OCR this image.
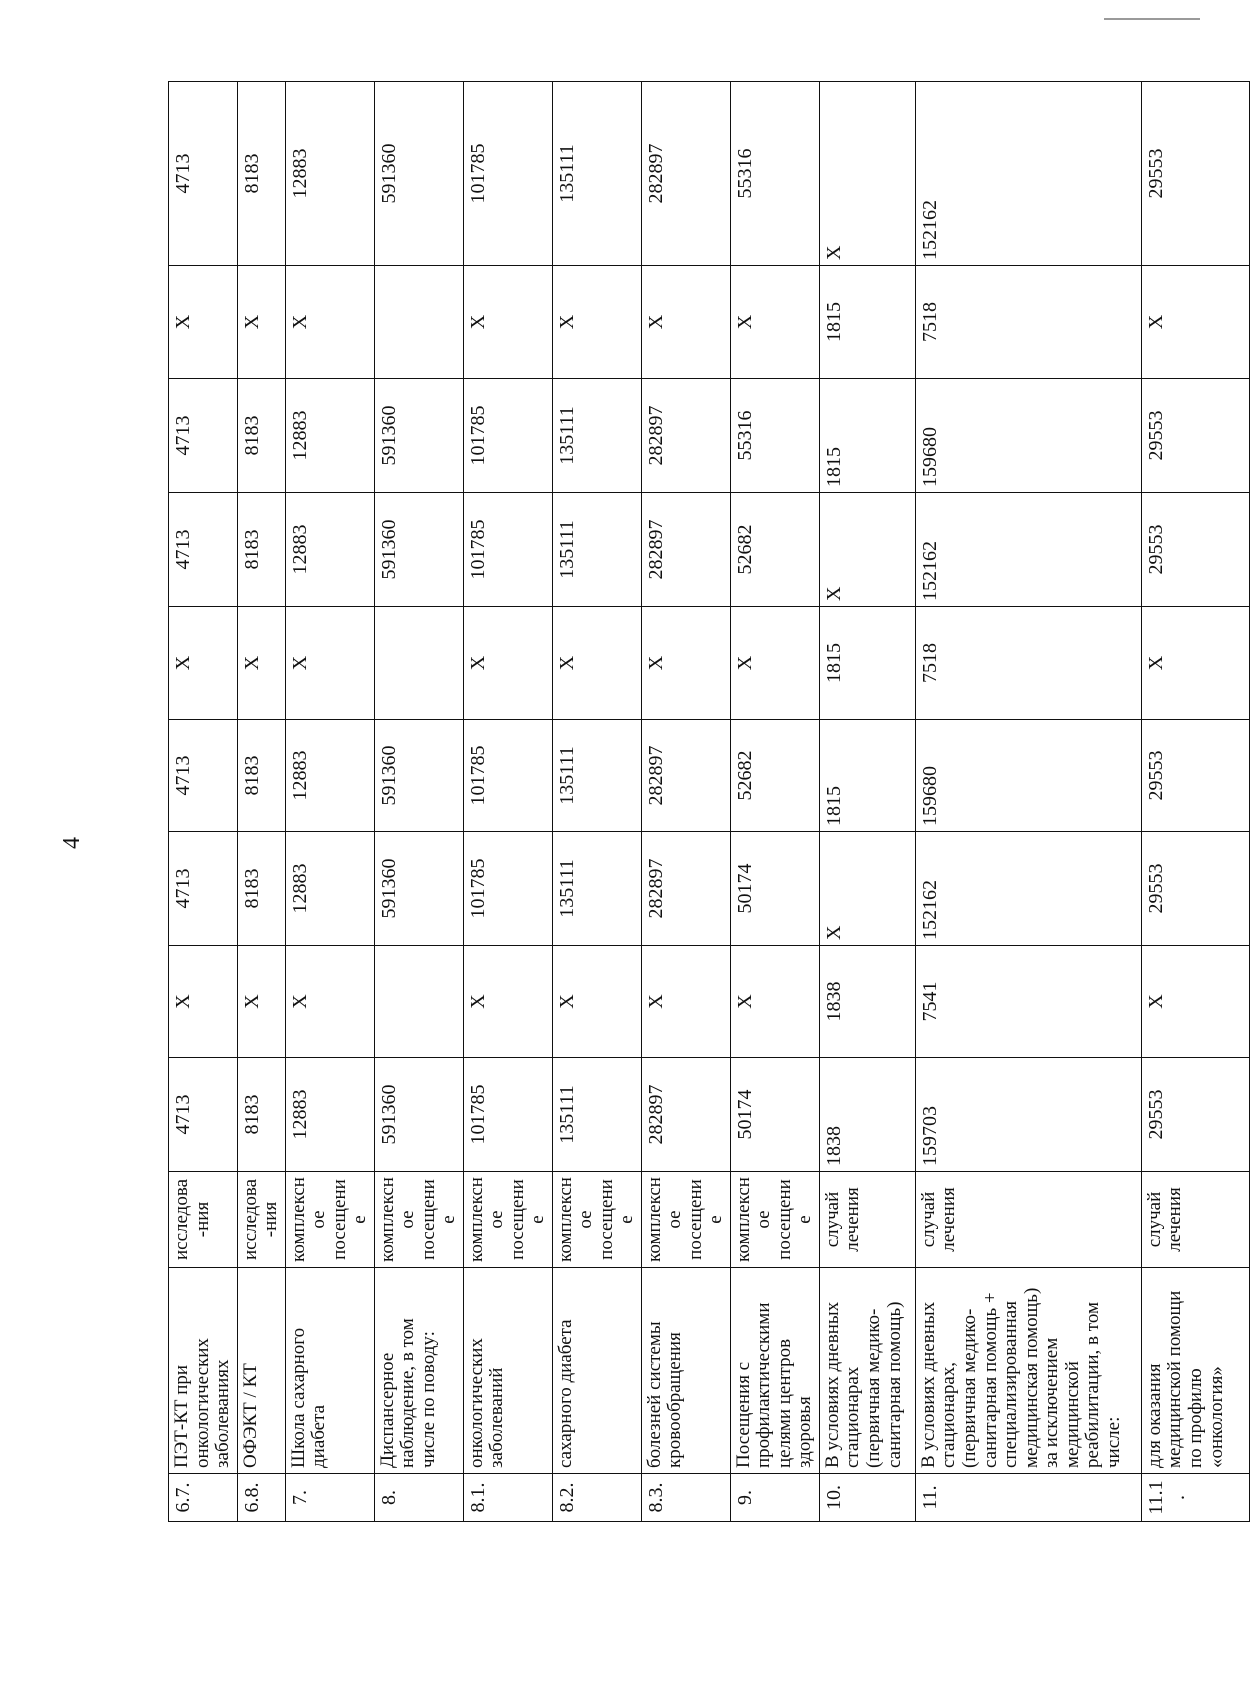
4
6.7.	ПЭТ-КТ при онкологических заболеваниях	исследова-ния	4713	X	4713	4713	X	4713	4713	X	4713
6.8.	ОФЭКТ / КТ	исследова-ния	8183	X	8183	8183	X	8183	8183	X	8183
7.	Школа сахарного диабета	комплексное посещение	12883	X	12883	12883	X	12883	12883	X	12883
8.	Диспансерное наблюдение, в том числе по поводу:	комплексное посещение	591360		591360	591360		591360	591360		591360
8.1.	онкологических заболеваний	комплексное посещение	101785	X	101785	101785	X	101785	101785	X	101785
8.2.	сахарного диабета	комплексное посещение	135111	X	135111	135111	X	135111	135111	X	135111
8.3.	болезней системы кровообращения	комплексное посещение	282897	X	282897	282897	X	282897	282897	X	282897
9.	Посещения с профилактическими целями центров здоровья	комплексное посещение	50174	X	50174	52682	X	52682	55316	X	55316
10.	В условиях дневных стационарах (первичная медико-санитарная помощь)	случай лечения	1838	1838	X	1815	1815	X	1815	1815	X
11.	В условиях дневных стационарах, (первичная медико-санитарная помощь + специализированная медицинская помощь) за исключением медицинской реабилитации, в том числе:	случай лечения	159703	7541	152162	159680	7518	152162	159680	7518	152162
11.1.	для оказания медицинской помощи по профилю «онкология»	случай лечения	29553	X	29553	29553	X	29553	29553	X	29553
